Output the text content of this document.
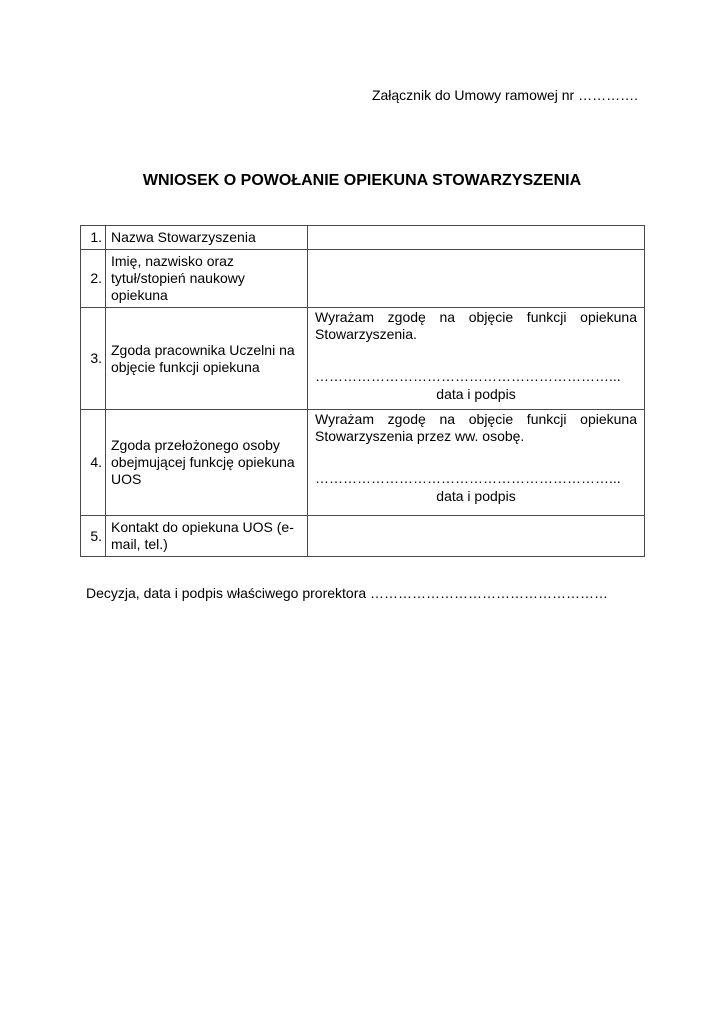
Załącznik do Umowy ramowej nr ………….
WNIOSEK O POWOŁANIE OPIEKUNA STOWARZYSZENIA
1.	Nazwa Stowarzyszenia	
2.	Imię, nazwisko oraz tytuł/stopień naukowy opiekuna	
3.	Zgoda pracownika Uczelni na objęcie funkcji opiekuna	Wyrażam zgodę na objęcie funkcji opiekuna Stowarzyszenia.
………………………………………………………...
data i podpis

4.	Zgoda przełożonego osoby obejmującej funkcję opiekuna UOS	Wyrażam zgodę na objęcie funkcji opiekuna Stowarzyszenia przez ww. osobę.
………………………………………………………...
data i podpis

5.	Kontakt do opiekuna UOS (e-mail, tel.)	
Decyzja, data i podpis właściwego prorektora ……………………………………………
